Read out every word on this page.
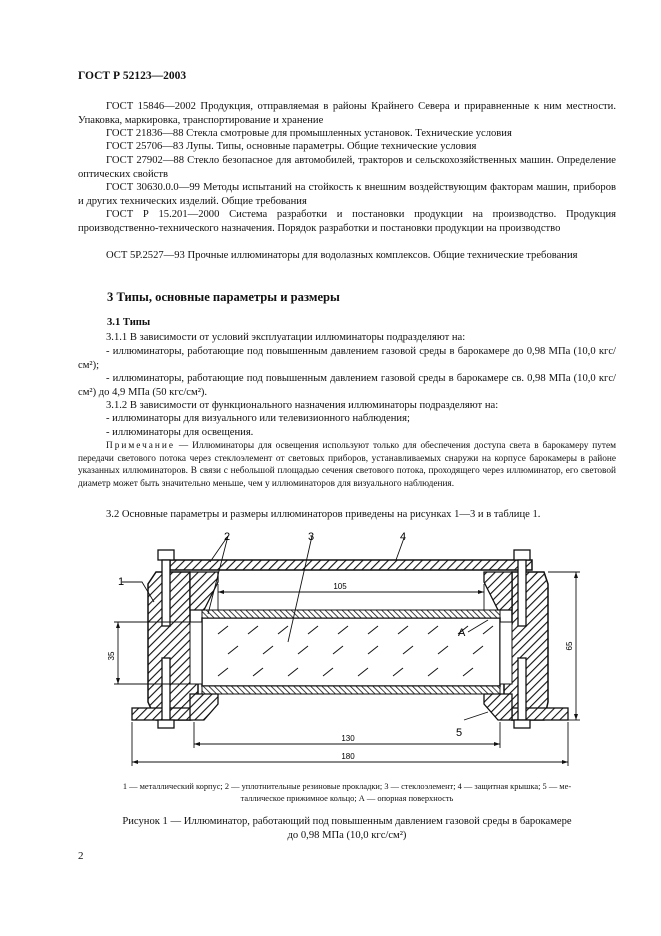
ГОСТ Р 52123—2003
ГОСТ 15846—2002 Продукция, отправляемая в районы Крайнего Севера и приравненные к ним местности. Упаковка, маркировка, транспортирование и хранение
ГОСТ 21836—88 Стекла смотровые для промышленных установок. Технические условия
ГОСТ 25706—83 Лупы. Типы, основные параметры. Общие технические условия
ГОСТ 27902—88 Стекло безопасное для автомобилей, тракторов и сельскохозяйственных машин. Определение оптических свойств
ГОСТ 30630.0.0—99 Методы испытаний на стойкость к внешним воздействующим факторам машин, приборов и других технических изделий. Общие требования
ГОСТ Р 15.201—2000 Система разработки и постановки продукции на производство. Продукция производственно-технического назначения. Порядок разработки и постановки продукции на производство
ОСТ 5Р.2527—93 Прочные иллюминаторы для водолазных комплексов. Общие технические требования
3 Типы, основные параметры и размеры
3.1 Типы
3.1.1 В зависимости от условий эксплуатации иллюминаторы подразделяют на:
- иллюминаторы, работающие под повышенным давлением газовой среды в барокамере до 0,98 МПа (10,0 кгс/см²);
- иллюминаторы, работающие под повышенным давлением газовой среды в барокамере св. 0,98 МПа (10,0 кгс/см²) до 4,9 МПа (50 кгс/см²).
3.1.2 В зависимости от функционального назначения иллюминаторы подразделяют на:
- иллюминаторы для визуального или телевизионного наблюдения;
- иллюминаторы для освещения.
Примечание — Иллюминаторы для освещения используют только для обеспечения доступа света в барокамеру путем передачи светового потока через стеклоэлемент от световых приборов, устанавливаемых снаружи на корпусе барокамеры в районе указанных иллюминаторов. В связи с небольшой площадью сечения светового потока, проходящего через иллюминатор, его световой диаметр может быть значительно меньше, чем у иллюминаторов для визуального наблюдения.
3.2 Основные параметры и размеры иллюминаторов приведены на рисунках 1—3 и в таблице 1.
1
2	3	4
5
А
105
35
65
130
180
1 — металлический корпус; 2 — уплотнительные резиновые прокладки; 3 — стеклоэлемент; 4 — защитная крышка; 5 — ме-
таллическое прижимное кольцо; А — опорная поверхность
Рисунок 1 — Иллюминатор, работающий под повышенным давлением газовой среды в барокамере
до 0,98 МПа (10,0 кгс/см²)
2
